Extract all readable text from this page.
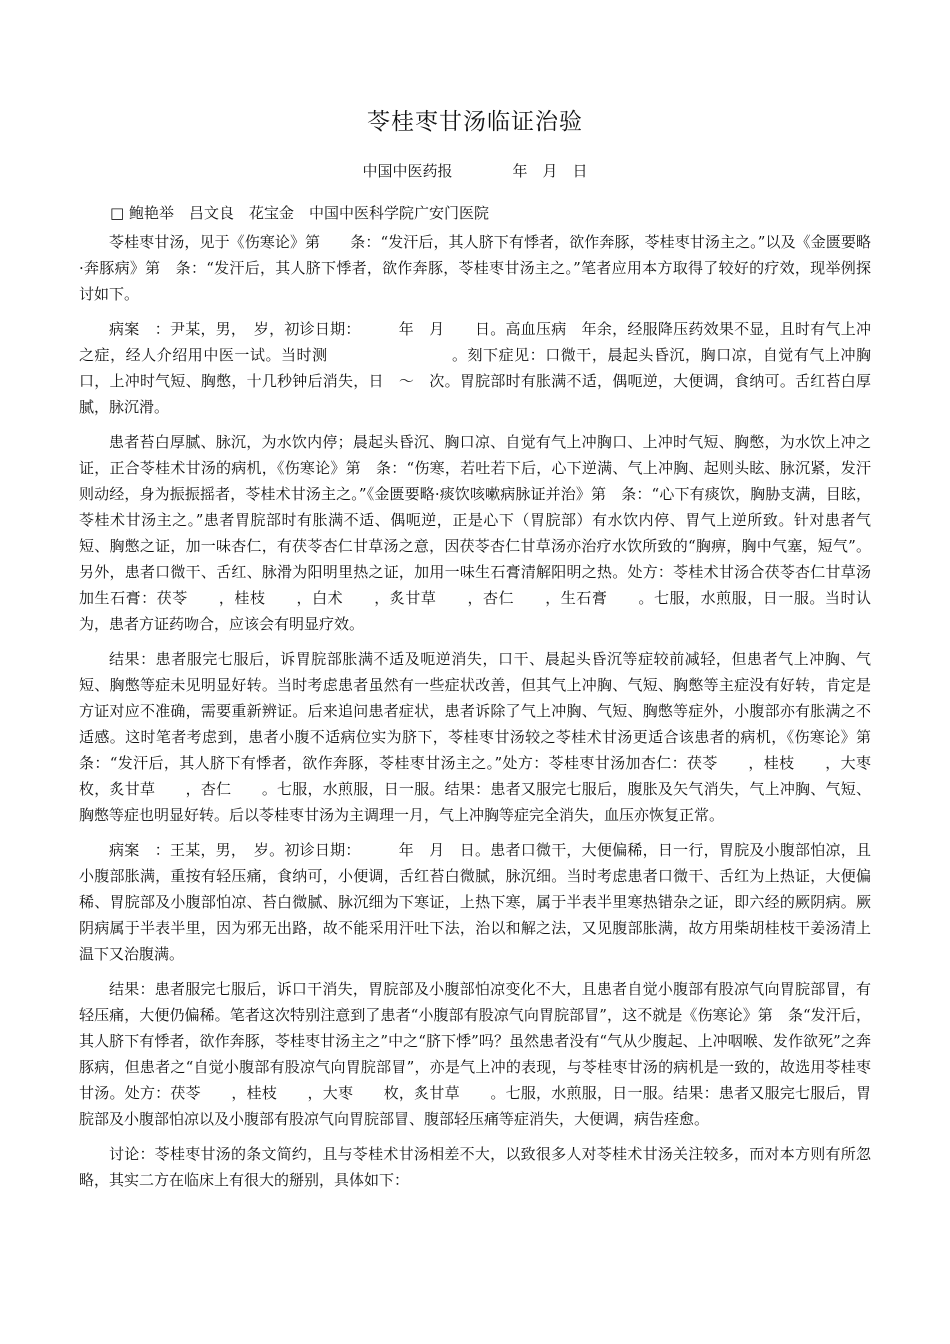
苓桂枣甘汤临证治验
中国中医药报　　　　年　月　日
□ 鲍艳举　吕文良　花宝金　中国中医科学院广安门医院

苓桂枣甘汤，见于《伤寒论》第　　条：“发汗后，其人脐下有悸者，欲作奔豚，苓桂枣甘汤主之。”以及《金匮要略·奔豚病》第　条：“发汗后，其人脐下悸者，欲作奔豚，苓桂枣甘汤主之。”笔者应用本方取得了较好的疗效，现举例探讨如下。

病案　：尹某，男，　岁，初诊日期：　　　年　月　　日。高血压病　年余，经服降压药效果不显，且时有气上冲之症，经人介绍用中医一试。当时测　　　　　　　　。刻下症见：口微干，晨起头昏沉，胸口凉，自觉有气上冲胸口，上冲时气短、胸憋，十几秒钟后消失，日　～　次。胃脘部时有胀满不适，偶呃逆，大便调，食纳可。舌红苔白厚腻，脉沉滑。

患者苔白厚腻、脉沉，为水饮内停；晨起头昏沉、胸口凉、自觉有气上冲胸口、上冲时气短、胸憋，为水饮上冲之证，正合苓桂术甘汤的病机，《伤寒论》第　条：“伤寒，若吐若下后，心下逆满、气上冲胸、起则头眩、脉沉紧，发汗则动经，身为振振摇者，苓桂术甘汤主之。”《金匮要略·痰饮咳嗽病脉证并治》第　条：“心下有痰饮，胸胁支满，目眩，苓桂术甘汤主之。”患者胃脘部时有胀满不适、偶呃逆，正是心下（胃脘部）有水饮内停、胃气上逆所致。针对患者气短、胸憋之证，加一味杏仁，有茯苓杏仁甘草汤之意，因茯苓杏仁甘草汤亦治疗水饮所致的“胸痹，胸中气塞，短气”。另外，患者口微干、舌红、脉滑为阳明里热之证，加用一味生石膏清解阳明之热。处方：苓桂术甘汤合茯苓杏仁甘草汤加生石膏：茯苓　　，桂枝　　，白术　　，炙甘草　　，杏仁　　，生石膏　　。七服，水煎服，日一服。当时认为，患者方证药吻合，应该会有明显疗效。

结果：患者服完七服后，诉胃脘部胀满不适及呃逆消失，口干、晨起头昏沉等症较前减轻，但患者气上冲胸、气短、胸憋等症未见明显好转。当时考虑患者虽然有一些症状改善，但其气上冲胸、气短、胸憋等主症没有好转，肯定是方证对应不准确，需要重新辨证。后来追问患者症状，患者诉除了气上冲胸、气短、胸憋等症外，小腹部亦有胀满之不适感。这时笔者考虑到，患者小腹不适病位实为脐下，苓桂枣甘汤较之苓桂术甘汤更适合该患者的病机，《伤寒论》第　条：“发汗后，其人脐下有悸者，欲作奔豚，苓桂枣甘汤主之。”处方：苓桂枣甘汤加杏仁：茯苓　　，桂枝　　，大枣　　枚，炙甘草　　，杏仁　　。七服，水煎服，日一服。结果：患者又服完七服后，腹胀及矢气消失，气上冲胸、气短、胸憋等症也明显好转。后以苓桂枣甘汤为主调理一月，气上冲胸等症完全消失，血压亦恢复正常。

病案　：王某，男，　岁。初诊日期：　　　年　月　日。患者口微干，大便偏稀，日一行，胃脘及小腹部怕凉，且小腹部胀满，重按有轻压痛，食纳可，小便调，舌红苔白微腻，脉沉细。当时考虑患者口微干、舌红为上热证，大便偏稀、胃脘部及小腹部怕凉、苔白微腻、脉沉细为下寒证，上热下寒，属于半表半里寒热错杂之证，即六经的厥阴病。厥阴病属于半表半里，因为邪无出路，故不能采用汗吐下法，治以和解之法，又见腹部胀满，故方用柴胡桂枝干姜汤清上温下又治腹满。

结果：患者服完七服后，诉口干消失，胃脘部及小腹部怕凉变化不大，且患者自觉小腹部有股凉气向胃脘部冒，有轻压痛，大便仍偏稀。笔者这次特别注意到了患者“小腹部有股凉气向胃脘部冒”，这不就是《伤寒论》第　条“发汗后，其人脐下有悸者，欲作奔豚，苓桂枣甘汤主之”中之“脐下悸”吗？虽然患者没有“气从少腹起、上冲咽喉、发作欲死”之奔豚病，但患者之“自觉小腹部有股凉气向胃脘部冒”，亦是气上冲的表现，与苓桂枣甘汤的病机是一致的，故选用苓桂枣甘汤。处方：茯苓　　，桂枝　　，大枣　　枚，炙甘草　　。七服，水煎服，日一服。结果：患者又服完七服后，胃脘部及小腹部怕凉以及小腹部有股凉气向胃脘部冒、腹部轻压痛等症消失，大便调，病告痊愈。

讨论：苓桂枣甘汤的条文简约，且与苓桂术甘汤相差不大，以致很多人对苓桂术甘汤关注较多，而对本方则有所忽略，其实二方在临床上有很大的掰别，具体如下：
